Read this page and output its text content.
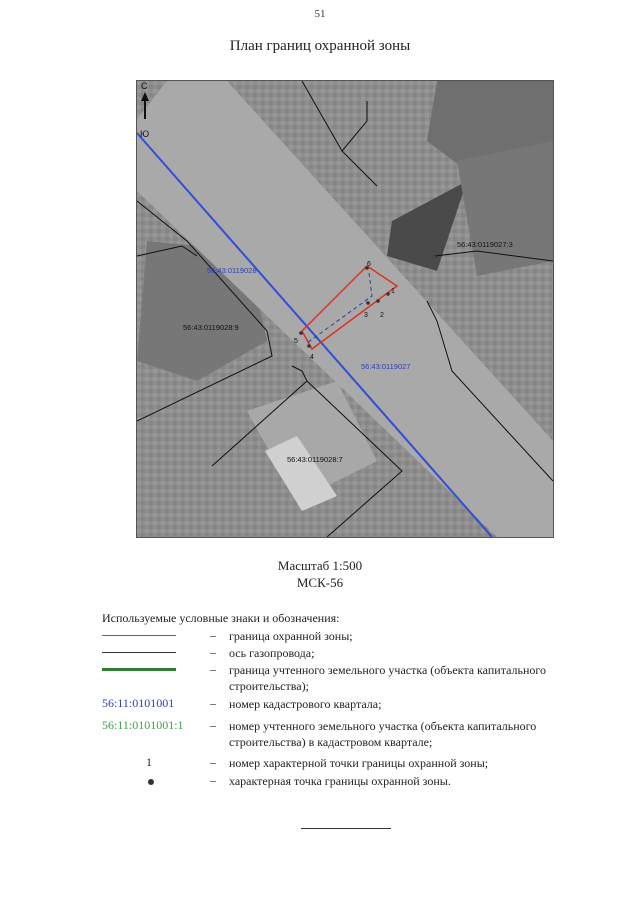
51
План границ охранной зоны
С
Ю
56:43:0119028
56:43:0119027
56:43:0119027:3
56:43:0119028:9
56:43:0119028:7
1
2
3
4
5
6
Масштаб 1:500
МСК-56
Используемые условные знаки и обозначения:
– граница охранной зоны;
– ось газопровода;
– граница учтенного земельного участка (объекта капитального строительства);
56:11:0101001	– номер кадастрового квартала;
56:11:0101001:1	– номер учтенного земельного участка (объекта капитального строительства) в кадастровом квартале;
1	– номер характерной точки границы охранной зоны;
– характерная точка границы охранной зоны.
